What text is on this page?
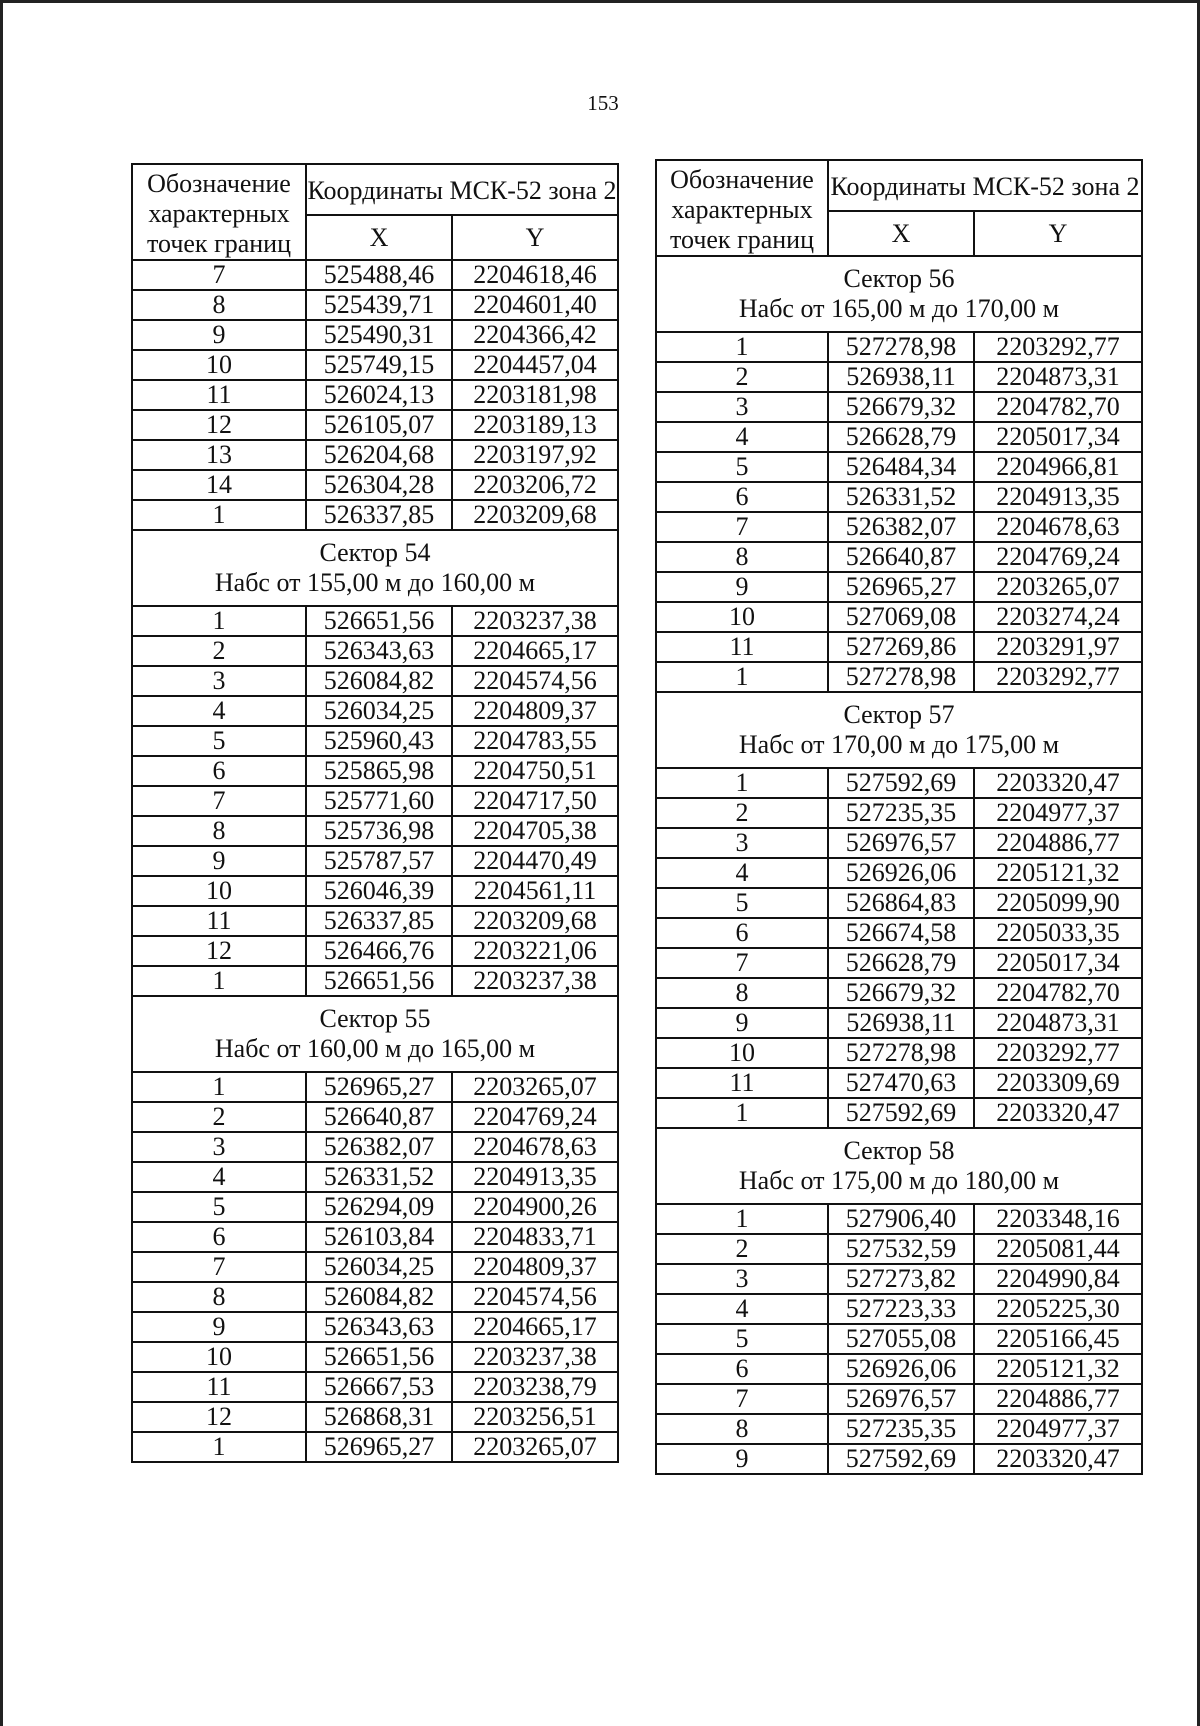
153
Обозначение характерных точек границ	Координаты МСК-52 зона 2	
	X	Y
7	525488,46	2204618,46
8	525439,71	2204601,40
9	525490,31	2204366,42
10	525749,15	2204457,04
11	526024,13	2203181,98
12	526105,07	2203189,13
13	526204,68	2203197,92
14	526304,28	2203206,72
1	526337,85	2203209,68

Сектор 54
Набс от 155,00 м до 160,00 м		

1	526651,56	2203237,38
2	526343,63	2204665,17
3	526084,82	2204574,56
4	526034,25	2204809,37
5	525960,43	2204783,55
6	525865,98	2204750,51
7	525771,60	2204717,50
8	525736,98	2204705,38
9	525787,57	2204470,49
10	526046,39	2204561,11
11	526337,85	2203209,68
12	526466,76	2203221,06
1	526651,56	2203237,38

Сектор 55
Набс от 160,00 м до 165,00 м		

1	526965,27	2203265,07
2	526640,87	2204769,24
3	526382,07	2204678,63
4	526331,52	2204913,35
5	526294,09	2204900,26
6	526103,84	2204833,71
7	526034,25	2204809,37
8	526084,82	2204574,56
9	526343,63	2204665,17
10	526651,56	2203237,38
11	526667,53	2203238,79
12	526868,31	2203256,51
1	526965,27	2203265,07
Обозначение характерных точек границ	Координаты МСК-52 зона 2	
	X	Y

Сектор 56
Набс от 165,00 м до 170,00 м		

1	527278,98	2203292,77
2	526938,11	2204873,31
3	526679,32	2204782,70
4	526628,79	2205017,34
5	526484,34	2204966,81
6	526331,52	2204913,35
7	526382,07	2204678,63
8	526640,87	2204769,24
9	526965,27	2203265,07
10	527069,08	2203274,24
11	527269,86	2203291,97
1	527278,98	2203292,77

Сектор 57
Набс от 170,00 м до 175,00 м		

1	527592,69	2203320,47
2	527235,35	2204977,37
3	526976,57	2204886,77
4	526926,06	2205121,32
5	526864,83	2205099,90
6	526674,58	2205033,35
7	526628,79	2205017,34
8	526679,32	2204782,70
9	526938,11	2204873,31
10	527278,98	2203292,77
11	527470,63	2203309,69
1	527592,69	2203320,47

Сектор 58
Набс от 175,00 м до 180,00 м		

1	527906,40	2203348,16
2	527532,59	2205081,44
3	527273,82	2204990,84
4	527223,33	2205225,30
5	527055,08	2205166,45
6	526926,06	2205121,32
7	526976,57	2204886,77
8	527235,35	2204977,37
9	527592,69	2203320,47
